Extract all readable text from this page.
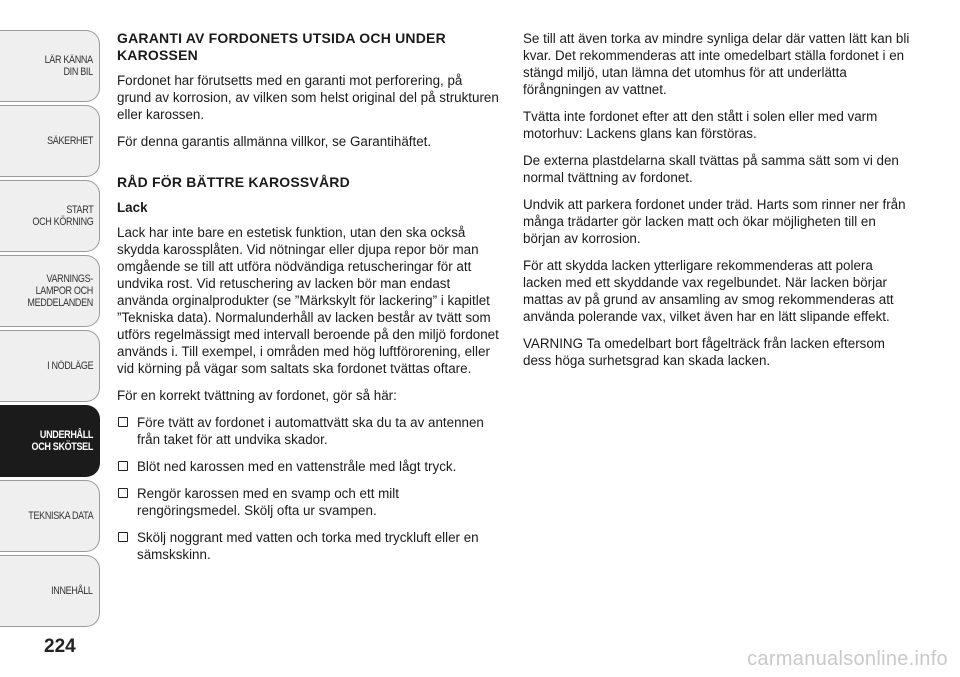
LÄR KÄNNA
DIN BIL
SÄKERHET
START
OCH KÖRNING
VARNINGS-
LAMPOR OCH
MEDDELANDEN
I NÖDLÄGE
UNDERHÅLL
OCH SKÖTSEL
TEKNISKA DATA
INNEHÅLL
224
GARANTI AV FORDONETS UTSIDA OCH UNDER KAROSSEN

Fordonet har förutsetts med en garanti mot perforering, på grund av korrosion, av vilken som helst original del på strukturen eller karossen.

För denna garantis allmänna villkor, se Garantihäftet.

RÅD FÖR BÄTTRE KAROSSVÅRD
Lack

Lack har inte bare en estetisk funktion, utan den ska också skydda karossplåten. Vid nötningar eller djupa repor bör man omgående se till att utföra nödvändiga retuscheringar för att undvika rost. Vid retuschering av lacken bör man endast använda orginalprodukter (se ”Märkskylt för lackering” i kapitlet ”Tekniska data). Normalunderhåll av lacken består av tvätt som utförs regelmässigt med intervall beroende på den miljö fordonet används i. Till exempel, i områden med hög luftförorening, eller vid körning på vägar som saltats ska fordonet tvättas oftare.

För en korrekt tvättning av fordonet, gör så här:

Före tvätt av fordonet i automattvätt ska du ta av antennen från taket för att undvika skador.
Blöt ned karossen med en vattenstråle med lågt tryck.
Rengör karossen med en svamp och ett milt rengöringsmedel. Skölj ofta ur svampen.
Skölj noggrant med vatten och torka med tryckluft eller en sämskskinn.

Se till att även torka av mindre synliga delar där vatten lätt kan bli kvar. Det rekommenderas att inte omedelbart ställa fordonet i en stängd miljö, utan lämna det utomhus för att underlätta förångningen av vattnet.

Tvätta inte fordonet efter att den stått i solen eller med varm motorhuv: Lackens glans kan förstöras.

De externa plastdelarna skall tvättas på samma sätt som vi den normal tvättning av fordonet.

Undvik att parkera fordonet under träd. Harts som rinner ner från många trädarter gör lacken matt och ökar möjligheten till en början av korrosion.

För att skydda lacken ytterligare rekommenderas att polera lacken med ett skyddande vax regelbundet. När lacken börjar mattas av på grund av ansamling av smog rekommenderas att använda polerande vax, vilket även har en lätt slipande effekt.

VARNING Ta omedelbart bort fågelträck från lacken eftersom dess höga surhetsgrad kan skada lacken.

carmanualsonline.info
